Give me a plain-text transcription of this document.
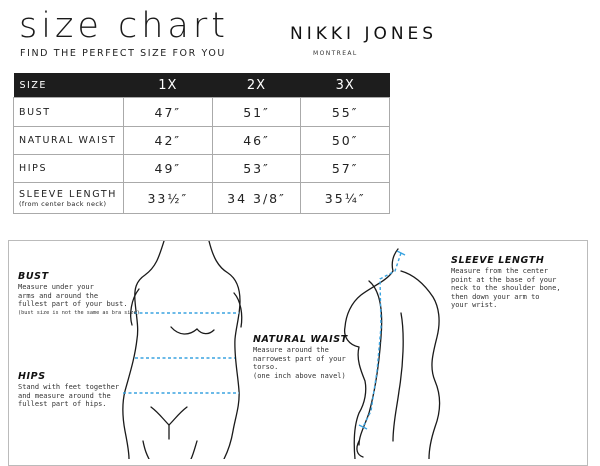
size chart
FIND THE PERFECT SIZE FOR YOU
NIKKI JONES
MONTREAL
SIZE	1X	2X	3X
BUST	47″	51″	55″
NATURAL WAIST	42″	46″	50″
HIPS	49″	53″	57″
SLEEVE LENGTH
(from center back neck)	33½″	34 3/8″	35¼″
BUST
Measure under your
arms and around the
fullest part of your bust.
(bust size is not the same as bra size)
HIPS
Stand with feet together
and measure around the
fullest part of hips.
NATURAL WAIST
Measure around the
narrowest part of your
torso.
(one inch above navel)
SLEEVE LENGTH
Measure from the center
point at the base of your
neck to the shoulder bone,
then down your arm to
your wrist.
